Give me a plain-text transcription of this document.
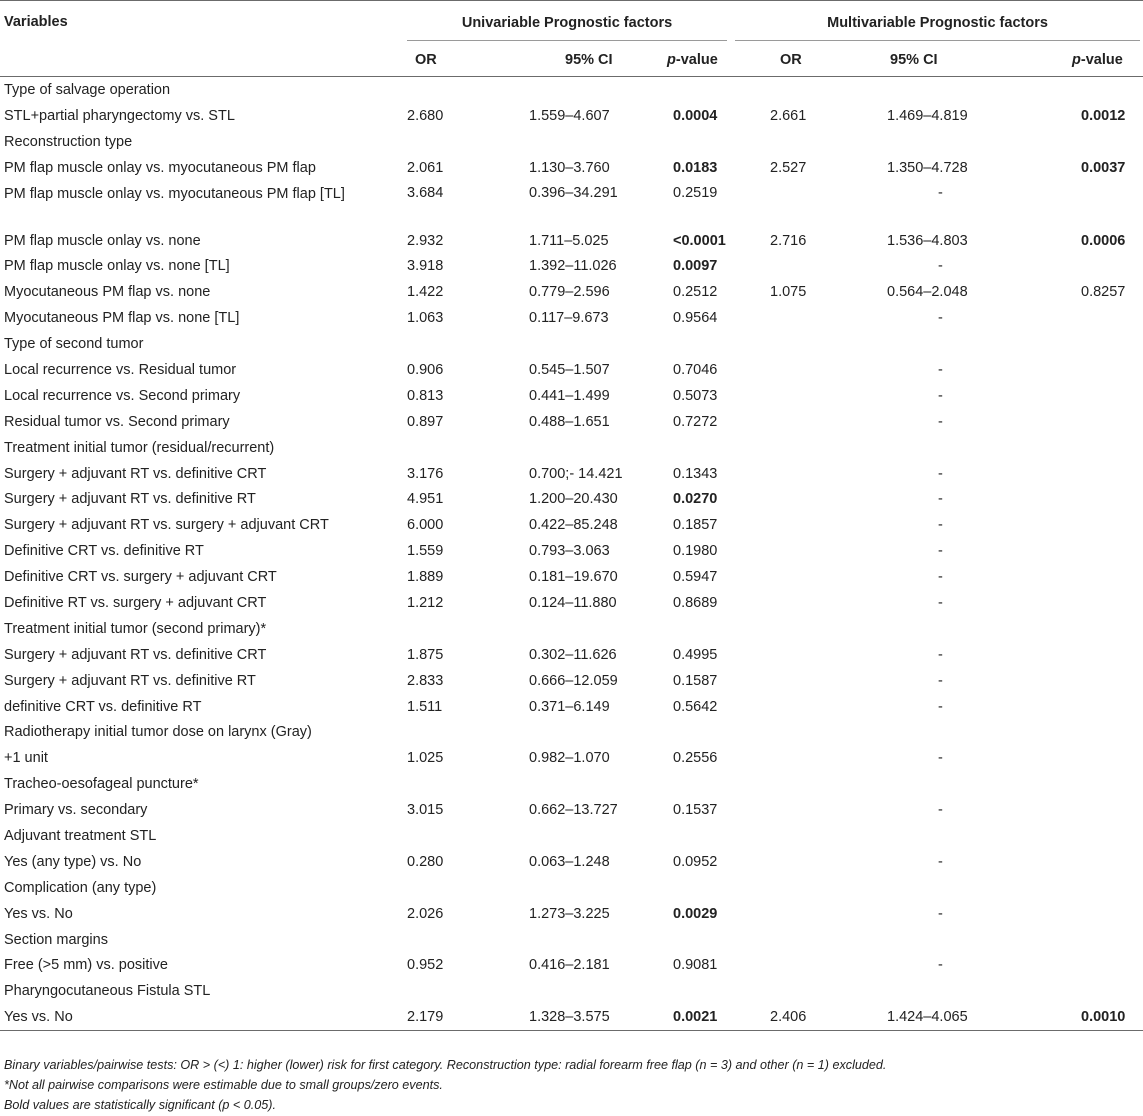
Variables	Univariable Prognostic factors		Multivariable Prognostic factors

	OR	95% CI	p-value		OR	95% CI	p-value
Type of salvage operation							
STL+partial pharyngectomy vs. STL	2.680	1.559–4.607	0.0004		2.661	1.469–4.819	0.0012
Reconstruction type							
PM flap muscle onlay vs. myocutaneous PM flap	2.061	1.130–3.760	0.0183		2.527	1.350–4.728	0.0037
PM flap muscle onlay vs. myocutaneous PM flap [TL]	3.684	0.396–34.291	0.2519		-	
PM flap muscle onlay vs. none	2.932	1.711–5.025	<0.0001		2.716	1.536–4.803	0.0006
PM flap muscle onlay vs. none [TL]	3.918	1.392–11.026	0.0097		-	
Myocutaneous PM flap vs. none	1.422	0.779–2.596	0.2512		1.075	0.564–2.048	0.8257
Myocutaneous PM flap vs. none [TL]	1.063	0.117–9.673	0.9564		-	
Type of second tumor							
Local recurrence vs. Residual tumor	0.906	0.545–1.507	0.7046		-	
Local recurrence vs. Second primary	0.813	0.441–1.499	0.5073		-	
Residual tumor vs. Second primary	0.897	0.488–1.651	0.7272		-	
Treatment initial tumor (residual/recurrent)							
Surgery + adjuvant RT vs. definitive CRT	3.176	0.700;- 14.421	0.1343		-	
Surgery + adjuvant RT vs. definitive RT	4.951	1.200–20.430	0.0270		-	
Surgery + adjuvant RT vs. surgery + adjuvant CRT	6.000	0.422–85.248	0.1857		-	
Definitive CRT vs. definitive RT	1.559	0.793–3.063	0.1980		-	
Definitive CRT vs. surgery + adjuvant CRT	1.889	0.181–19.670	0.5947		-	
Definitive RT vs. surgery + adjuvant CRT	1.212	0.124–11.880	0.8689		-	
Treatment initial tumor (second primary)*							
Surgery + adjuvant RT vs. definitive CRT	1.875	0.302–11.626	0.4995		-	
Surgery + adjuvant RT vs. definitive RT	2.833	0.666–12.059	0.1587		-	
definitive CRT vs. definitive RT	1.511	0.371–6.149	0.5642		-	
Radiotherapy initial tumor dose on larynx (Gray)							
+1 unit	1.025	0.982–1.070	0.2556		-	
Tracheo-oesofageal puncture*							
Primary vs. secondary	3.015	0.662–13.727	0.1537		-	
Adjuvant treatment STL							
Yes (any type) vs. No	0.280	0.063–1.248	0.0952		-	
Complication (any type)							
Yes vs. No	2.026	1.273–3.225	0.0029		-	
Section margins							
Free (>5 mm) vs. positive	0.952	0.416–2.181	0.9081		-	
Pharyngocutaneous Fistula STL							
Yes vs. No	2.179	1.328–3.575	0.0021		2.406	1.424–4.065	0.0010
Binary variables/pairwise tests: OR > (<) 1: higher (lower) risk for first category. Reconstruction type: radial forearm free flap (n = 3) and other (n = 1) excluded.
*Not all pairwise comparisons were estimable due to small groups/zero events.
Bold values are statistically significant (p < 0.05).
